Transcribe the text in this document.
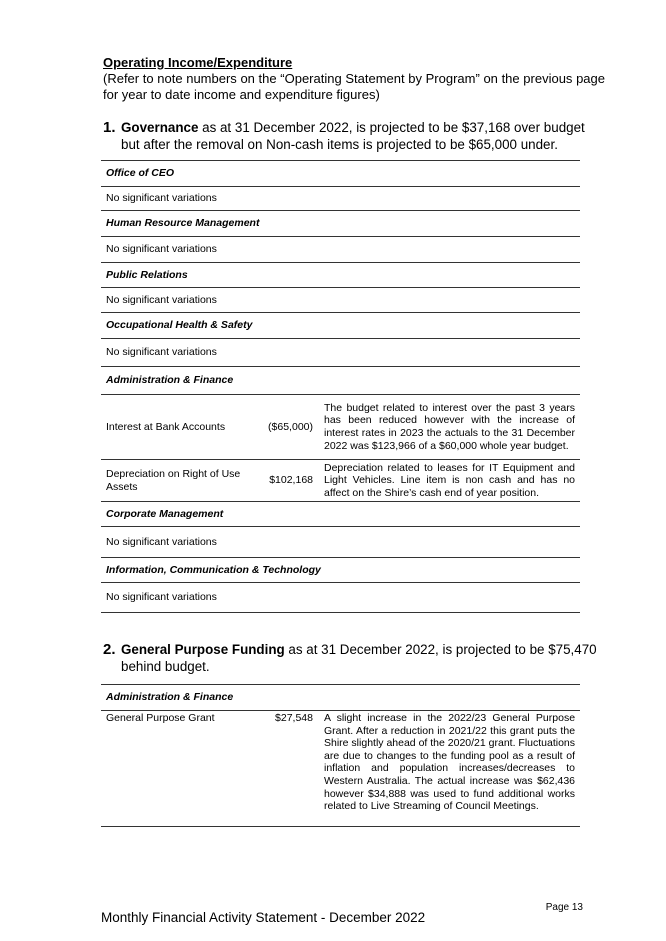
Operating Income/Expenditure
(Refer to note numbers on the “Operating Statement by Program” on the previous page for year to date income and expenditure figures)
1. Governance as at 31 December 2022, is projected to be $37,168 over budget but after the removal on Non-cash items is projected to be $65,000 under.
Office of CEO		
No significant variations		
Human Resource Management		
No significant variations		
Public Relations		
No significant variations		
Occupational Health & Safety		
No significant variations		
Administration & Finance		
Interest at Bank Accounts	($65,000)	The budget related to interest over the past 3 years has been reduced however with the increase of interest rates in 2023 the actuals to the 31 December 2022 was $123,966 of a $60,000 whole year budget.
Depreciation on Right of Use Assets	$102,168	Depreciation related to leases for IT Equipment and Light Vehicles. Line item is non cash and has no affect on the Shire’s cash end of year position.
Corporate Management		
No significant variations		
Information, Communication & Technology		
No significant variations		
2. General Purpose Funding as at 31 December 2022, is projected to be $75,470 behind budget.
Administration & Finance
General Purpose Grant	$27,548	A slight increase in the 2022/23 General Purpose Grant. After a reduction in 2021/22 this grant puts the Shire slightly ahead of the 2020/21 grant. Fluctuations are due to changes to the funding pool as a result of inflation and population increases/decreases to Western Australia. The actual increase was $62,436 however $34,888 was used to fund additional works related to Live Streaming of Council Meetings.
Page 13
Monthly Financial Activity Statement - December 2022
